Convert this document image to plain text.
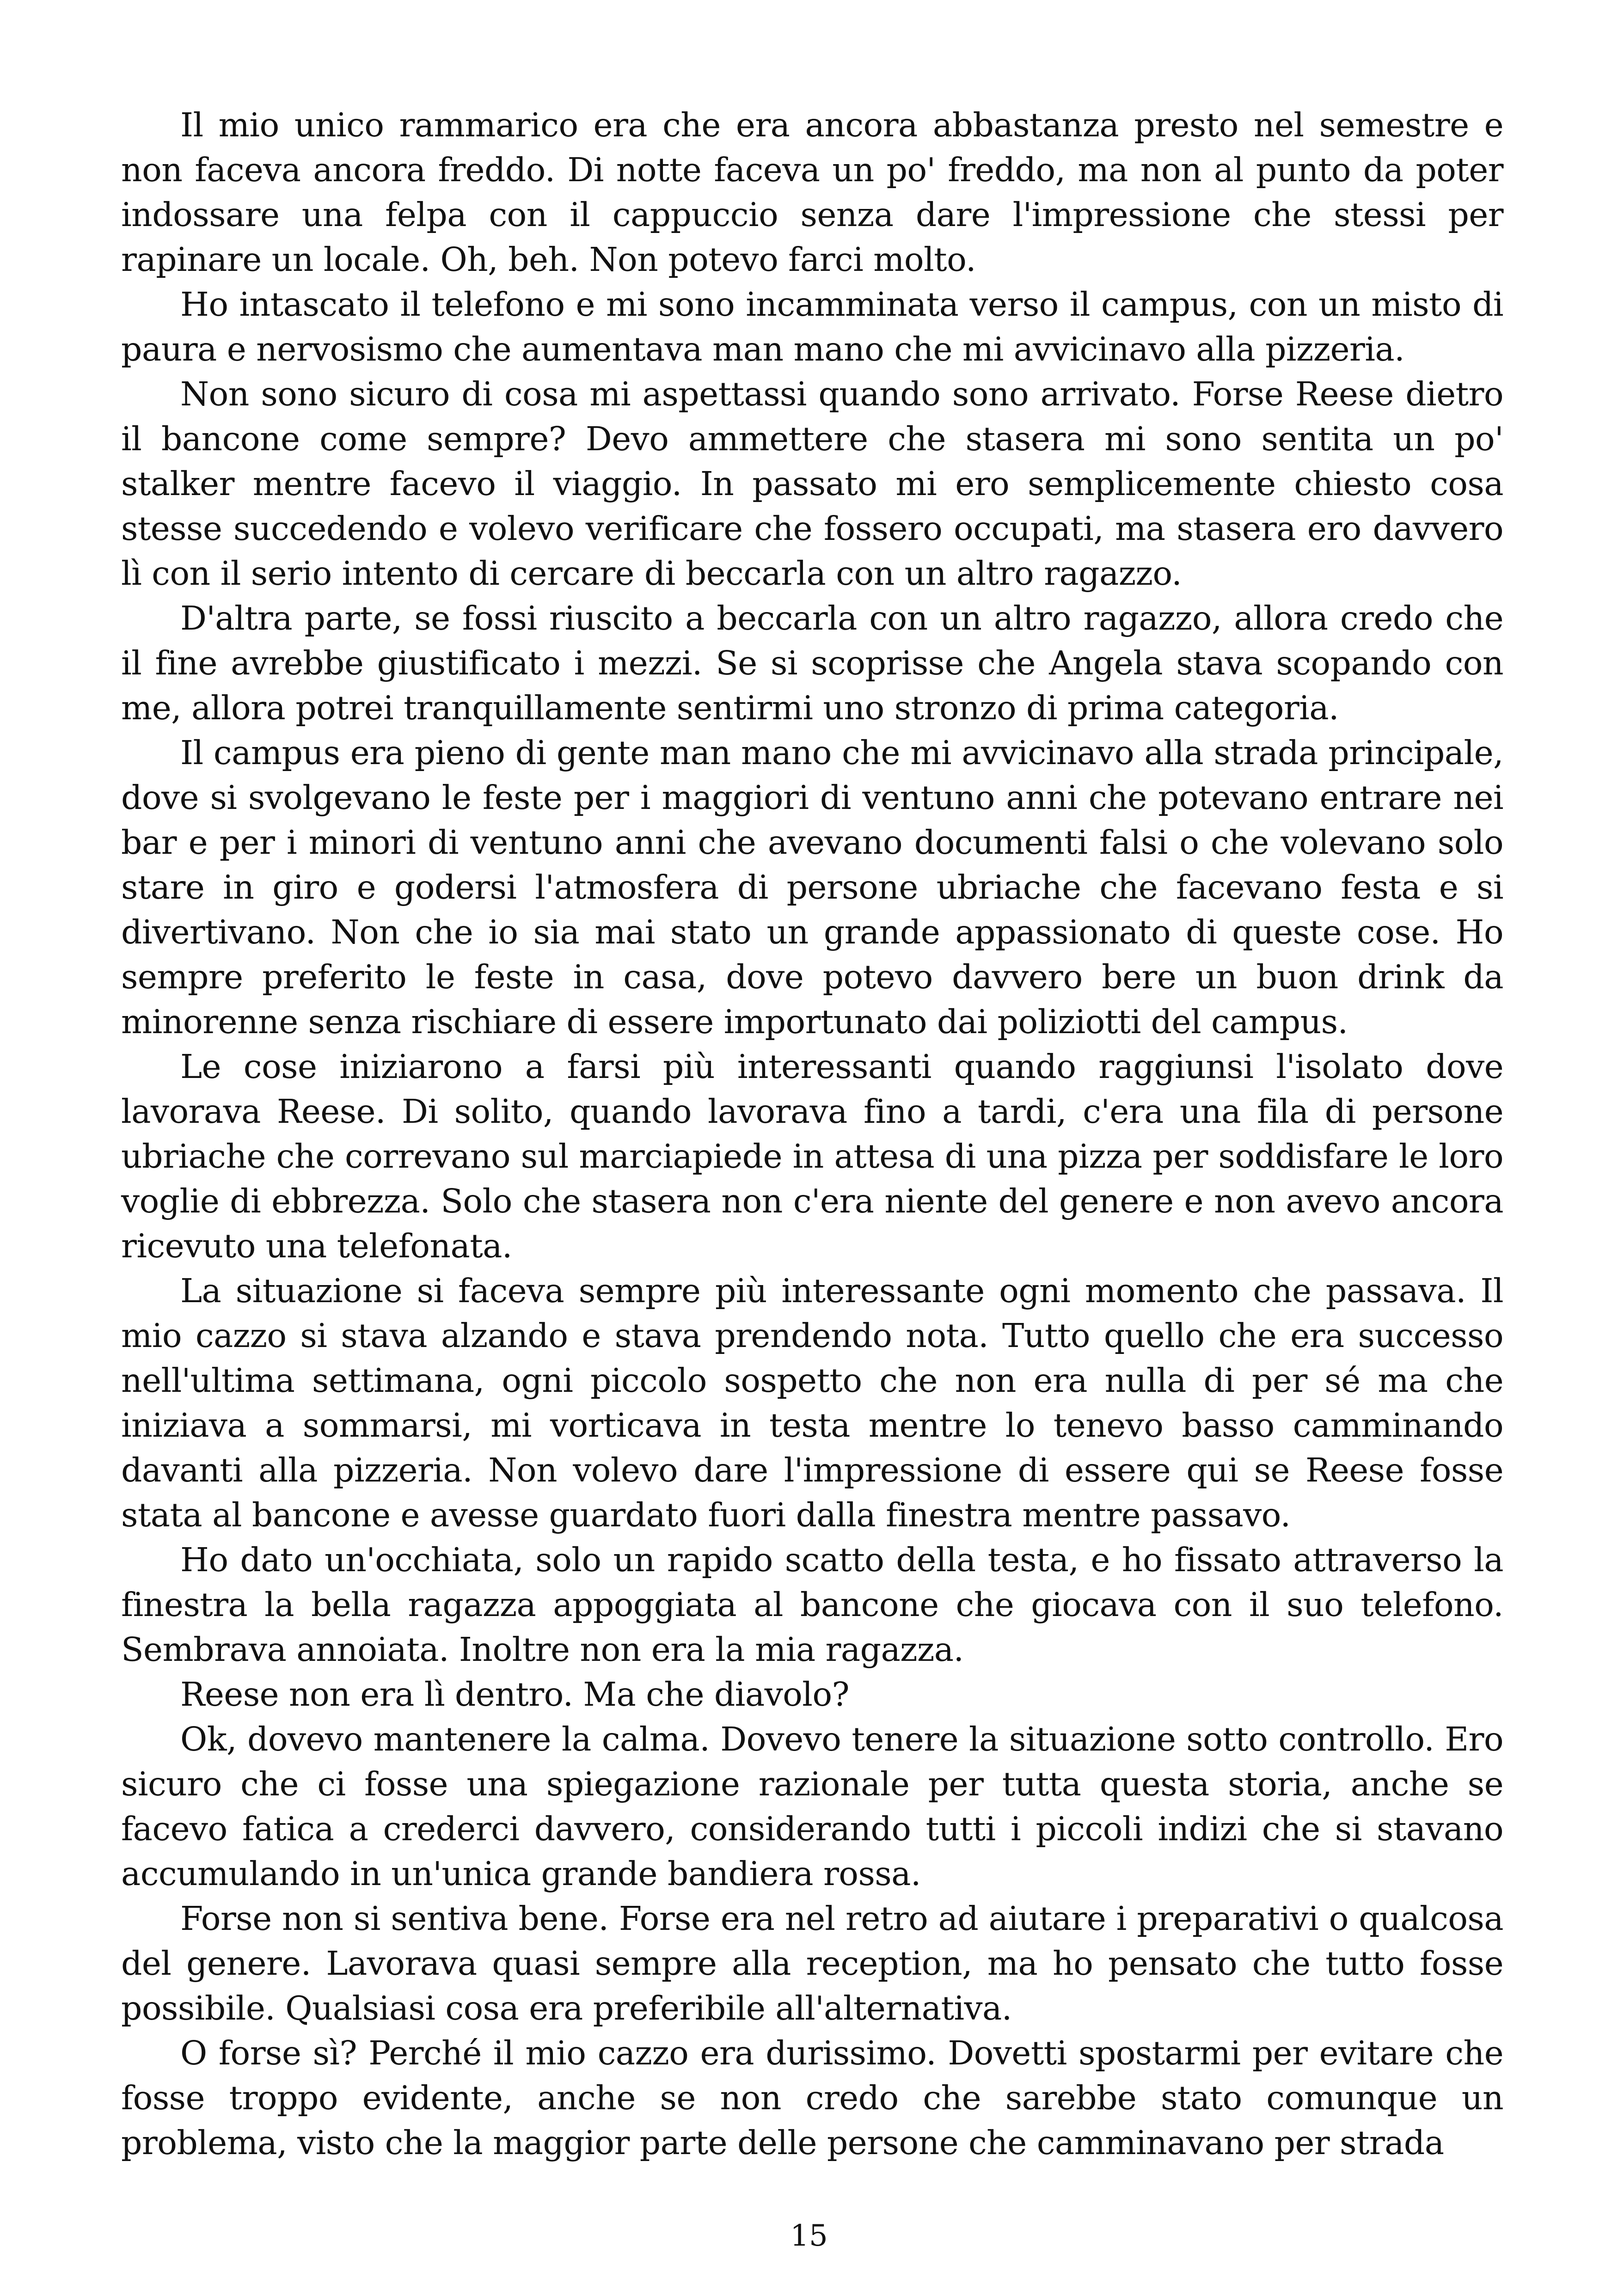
Il mio unico rammarico era che era ancora abbastanza presto nel semestre e non faceva ancora freddo. Di notte faceva un po' freddo, ma non al punto da poter indossare una felpa con il cappuccio senza dare l'impressione che stessi per rapinare un locale. Oh, beh. Non potevo farci molto.

Ho intascato il telefono e mi sono incamminata verso il campus, con un misto di paura e nervosismo che aumentava man mano che mi avvicinavo alla pizzeria.

Non sono sicuro di cosa mi aspettassi quando sono arrivato. Forse Reese dietro il bancone come sempre? Devo ammettere che stasera mi sono sentita un po' stalker mentre facevo il viaggio. In passato mi ero semplicemente chiesto cosa stesse succedendo e volevo verificare che fossero occupati, ma stasera ero davvero lì con il serio intento di cercare di beccarla con un altro ragazzo.

D'altra parte, se fossi riuscito a beccarla con un altro ragazzo, allora credo che il fine avrebbe giustificato i mezzi. Se si scoprisse che Angela stava scopando con me, allora potrei tranquillamente sentirmi uno stronzo di prima categoria.

Il campus era pieno di gente man mano che mi avvicinavo alla strada principale, dove si svolgevano le feste per i maggiori di ventuno anni che potevano entrare nei bar e per i minori di ventuno anni che avevano documenti falsi o che volevano solo stare in giro e godersi l'atmosfera di persone ubriache che facevano festa e si divertivano. Non che io sia mai stato un grande appassionato di queste cose. Ho sempre preferito le feste in casa, dove potevo davvero bere un buon drink da minorenne senza rischiare di essere importunato dai poliziotti del campus.

Le cose iniziarono a farsi più interessanti quando raggiunsi l'isolato dove lavorava Reese. Di solito, quando lavorava fino a tardi, c'era una fila di persone ubriache che correvano sul marciapiede in attesa di una pizza per soddisfare le loro voglie di ebbrezza. Solo che stasera non c'era niente del genere e non avevo ancora ricevuto una telefonata.

La situazione si faceva sempre più interessante ogni momento che passava. Il mio cazzo si stava alzando e stava prendendo nota. Tutto quello che era successo nell'ultima settimana, ogni piccolo sospetto che non era nulla di per sé ma che iniziava a sommarsi, mi vorticava in testa mentre lo tenevo basso camminando davanti alla pizzeria. Non volevo dare l'impressione di essere qui se Reese fosse stata al bancone e avesse guardato fuori dalla finestra mentre passavo.

Ho dato un'occhiata, solo un rapido scatto della testa, e ho fissato attraverso la finestra la bella ragazza appoggiata al bancone che giocava con il suo telefono. Sembrava annoiata. Inoltre non era la mia ragazza.

Reese non era lì dentro. Ma che diavolo?

Ok, dovevo mantenere la calma. Dovevo tenere la situazione sotto controllo. Ero sicuro che ci fosse una spiegazione razionale per tutta questa storia, anche se facevo fatica a crederci davvero, considerando tutti i piccoli indizi che si stavano accumulando in un'unica grande bandiera rossa.

Forse non si sentiva bene. Forse era nel retro ad aiutare i preparativi o qualcosa del genere. Lavorava quasi sempre alla reception, ma ho pensato che tutto fosse possibile. Qualsiasi cosa era preferibile all'alternativa.

O forse sì? Perché il mio cazzo era durissimo. Dovetti spostarmi per evitare che fosse troppo evidente, anche se non credo che sarebbe stato comunque un problema, visto che la maggior parte delle persone che camminavano per strada

15
